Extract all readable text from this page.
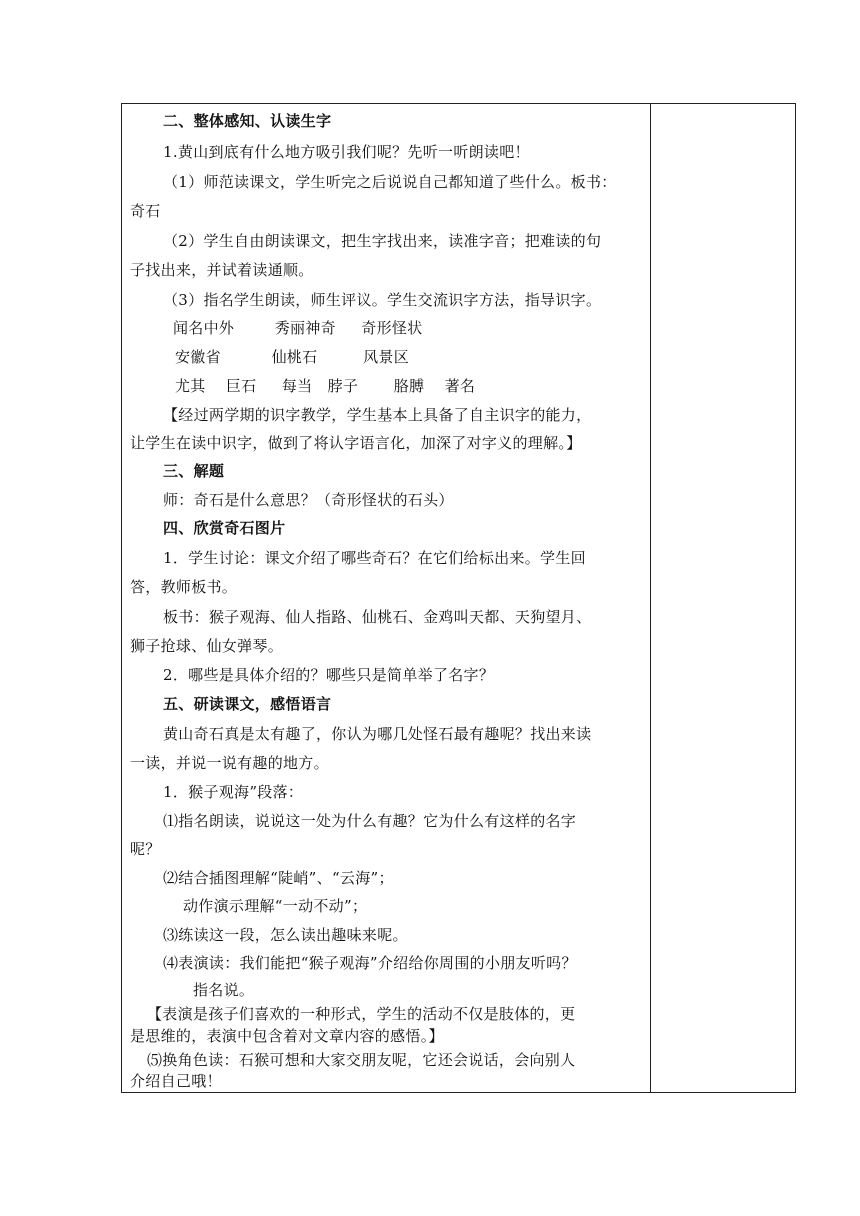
二、整体感知、认读生字
1.黄山到底有什么地方吸引我们呢？先听一听朗读吧！
（1）师范读课文，学生听完之后说说自己都知道了些什么。板书：
奇石
（2）学生自由朗读课文，把生字找出来，读准字音；把难读的句
子找出来，并试着读通顺。
（3）指名学生朗读，师生评议。学生交流识字方法，指导识字。
闻名中外        秀丽神奇     奇形怪状
安徽省          仙桃石         风景区
尤其    巨石     每当   脖子       胳膊    著名
【经过两学期的识字教学，学生基本上具备了自主识字的能力，
让学生在读中识字，做到了将认字语言化，加深了对字义的理解。】
三、解题
师：奇石是什么意思？（奇形怪状的石头）
四、欣赏奇石图片
1．学生讨论：课文介绍了哪些奇石？在它们给标出来。学生回
答，教师板书。
板书：猴子观海、仙人指路、仙桃石、金鸡叫天都、天狗望月、
狮子抢球、仙女弹琴。
2．哪些是具体介绍的？哪些只是简单举了名字？
五、研读课文，感悟语言
黄山奇石真是太有趣了，你认为哪几处怪石最有趣呢？找出来读
一读，并说一说有趣的地方。
1．猴子观海”段落：
⑴指名朗读，说说这一处为什么有趣？它为什么有这样的名字
呢？
⑵结合插图理解“陡峭”、“云海”；
动作演示理解“一动不动”；
⑶练读这一段，怎么读出趣味来呢。
⑷表演读：我们能把“猴子观海”介绍给你周围的小朋友听吗？
指名说。
【表演是孩子们喜欢的一种形式，学生的活动不仅是肢体的，更
是思维的，表演中包含着对文章内容的感悟。】
⑸换角色读：石猴可想和大家交朋友呢，它还会说话，会向别人
介绍自己哦！
